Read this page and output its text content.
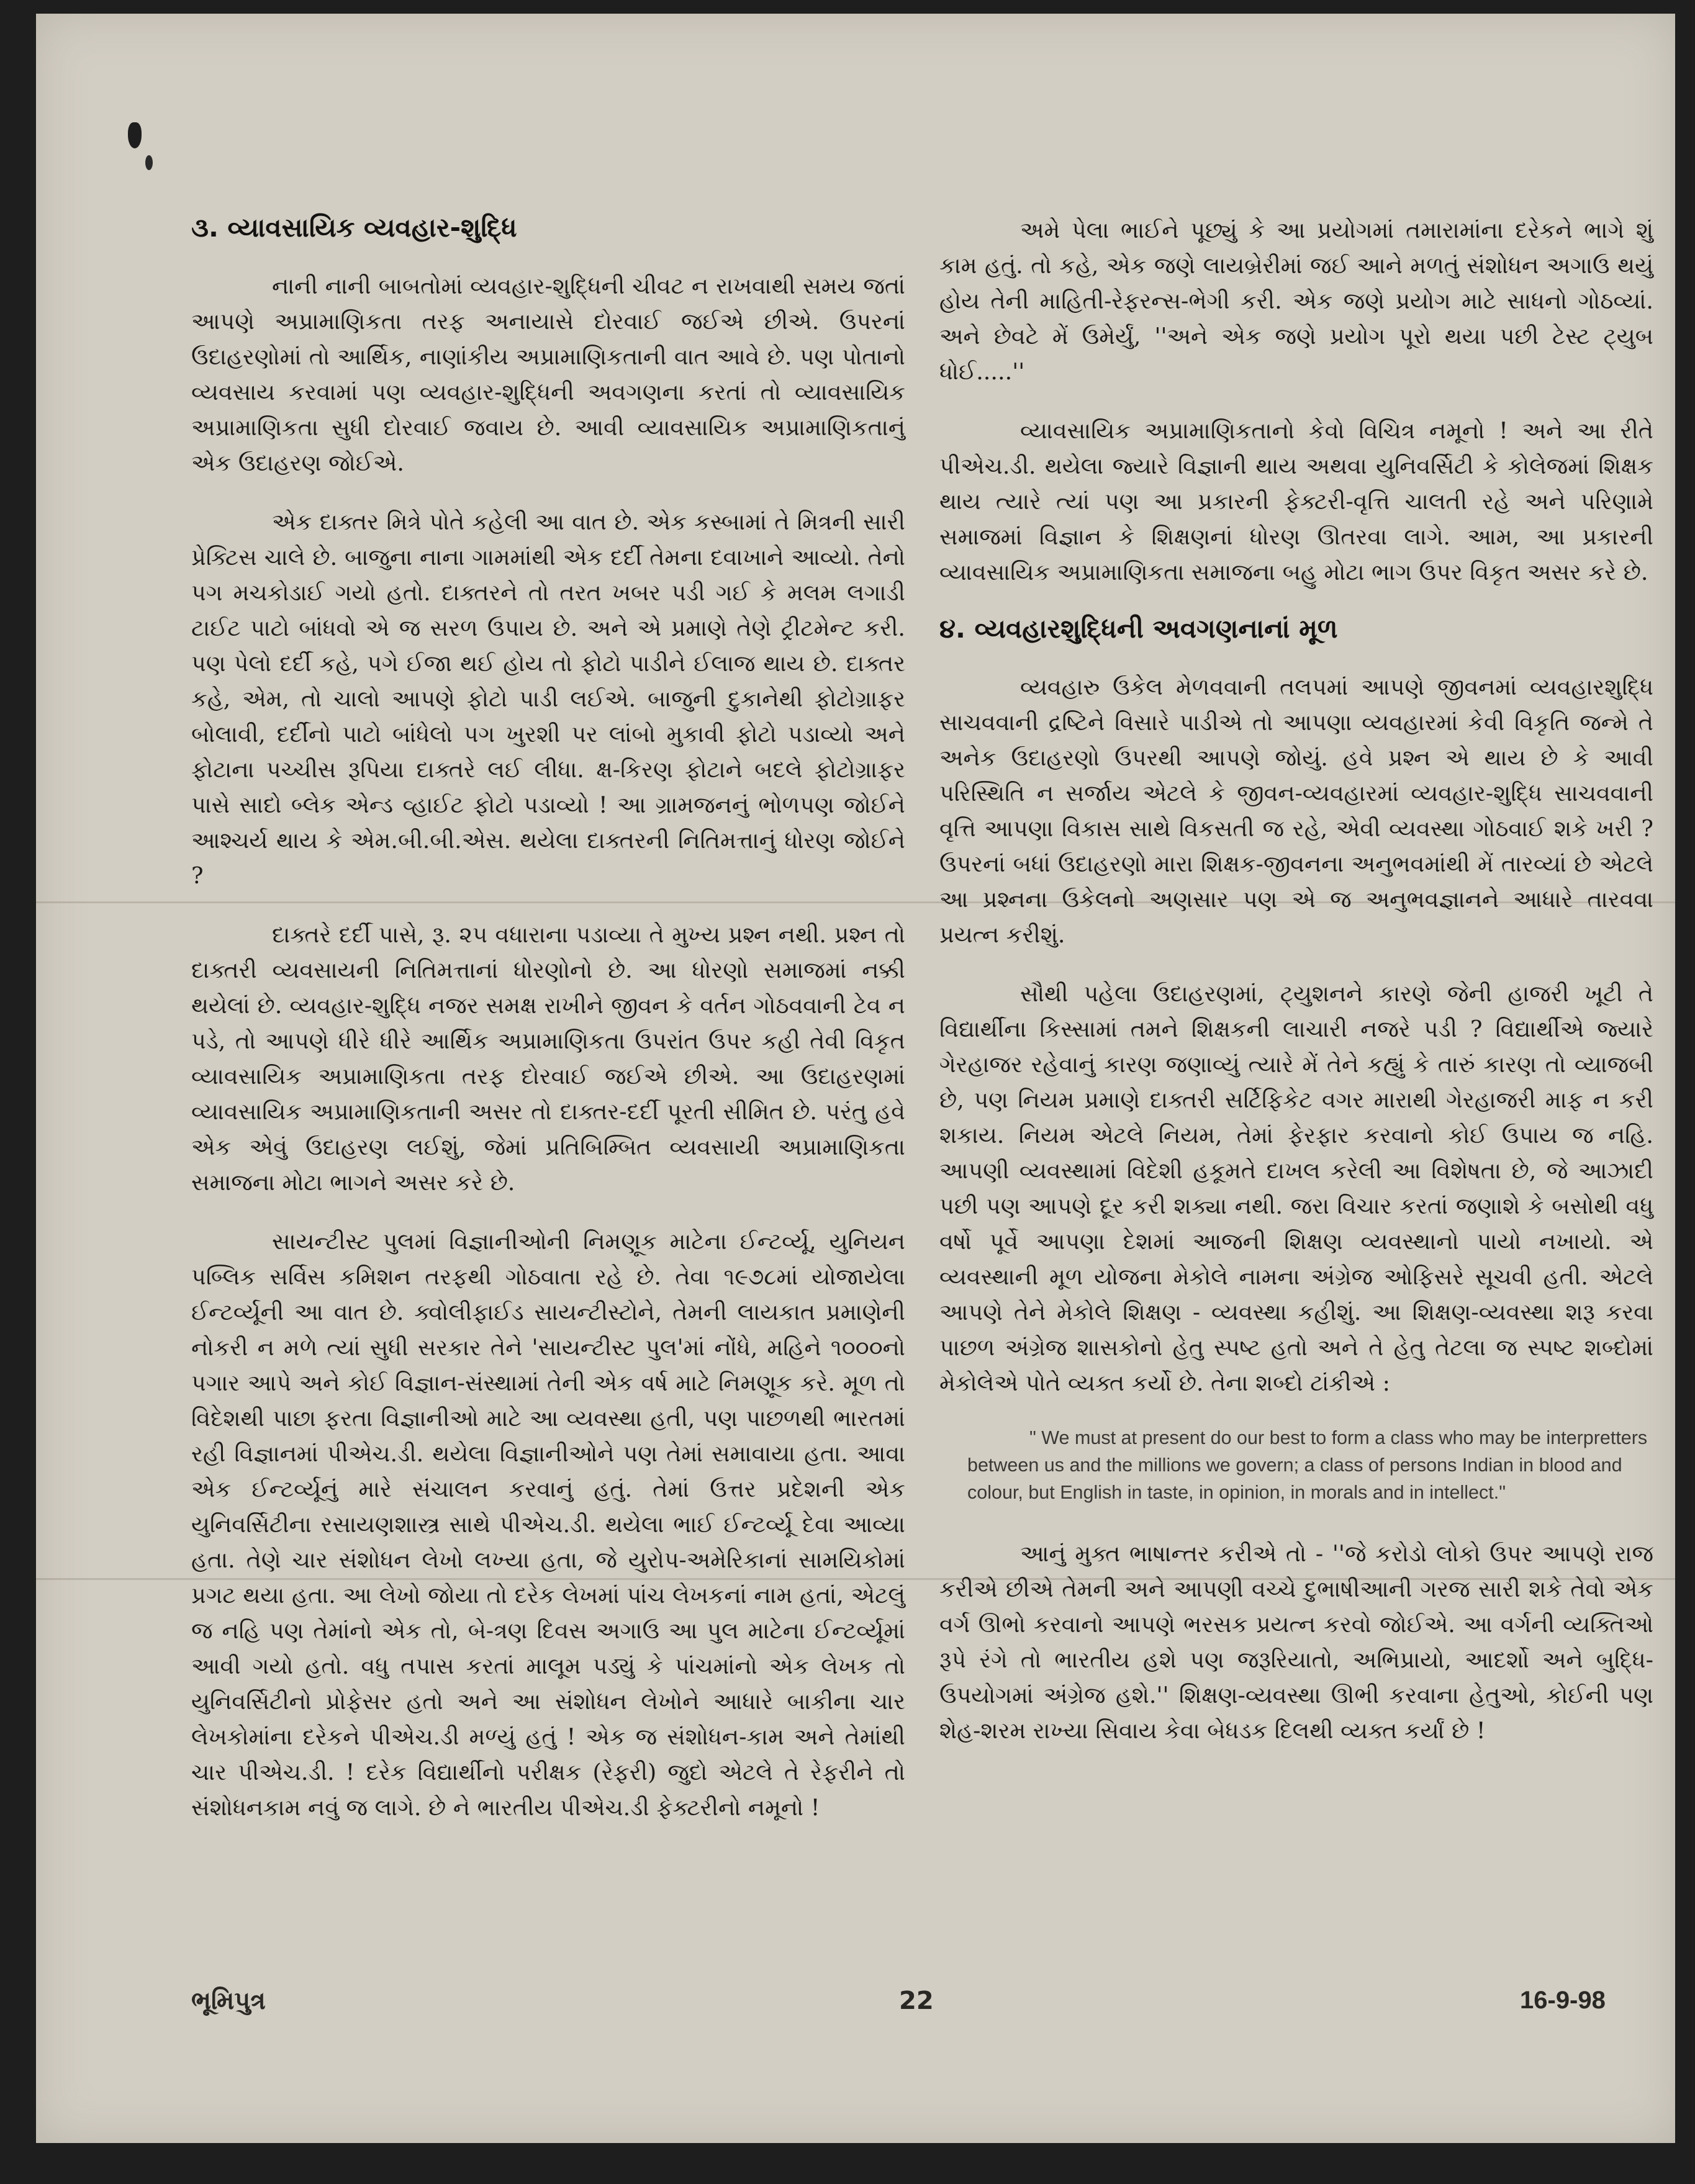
૩. વ્યાવસાયિક વ્યવહાર-શુદ્ધિ

નાની નાની બાબતોમાં વ્યવહાર-શુદ્ધિની ચીવટ ન રાખવાથી સમય જતાં આપણે અપ્રામાણિકતા તરફ અનાયાસે દોરવાઈ જઈએ છીએ. ઉપરનાં ઉદાહરણોમાં તો આર્થિક, નાણાંકીય અપ્રામાણિકતાની વાત આવે છે. પણ પોતાનો વ્યવસાય કરવામાં પણ વ્યવહાર-શુદ્ધિની અવગણના કરતાં તો વ્યાવસાયિક અપ્રામાણિકતા સુધી દોરવાઈ જવાય છે. આવી વ્યાવસાયિક અપ્રામાણિકતાનું એક ઉદાહરણ જોઈએ.

એક દાક્તર મિત્રે પોતે કહેલી આ વાત છે. એક કસ્બામાં તે મિત્રની સારી પ્રેક્ટિસ ચાલે છે. બાજુના નાના ગામમાંથી એક દર્દી તેમના દવાખાને આવ્યો. તેનો પગ મચકોડાઈ ગયો હતો. દાક્તરને તો તરત ખબર પડી ગઈ કે મલમ લગાડી ટાઈટ પાટો બાંધવો એ જ સરળ ઉપાય છે. અને એ પ્રમાણે તેણે ટ્રીટમેન્ટ કરી. પણ પેલો દર્દી કહે, પગે ઈજા થઈ હોય તો ફોટો પાડીને ઈલાજ થાય છે. દાક્તર કહે, એમ, તો ચાલો આપણે ફોટો પાડી લઈએ. બાજુની દુકાનેથી ફોટોગ્રાફર બોલાવી, દર્દીનો પાટો બાંધેલો પગ ખુરશી પર લાંબો મુકાવી ફોટો પડાવ્યો અને ફોટાના પચ્ચીસ રૂપિયા દાક્તરે લઈ લીધા. ક્ષ-કિરણ ફોટાને બદલે ફોટોગ્રાફર પાસે સાદો બ્લેક એન્ડ વ્હાઈટ ફોટો પડાવ્યો ! આ ગ્રામજનનું ભોળપણ જોઈને આશ્ચર્ય થાય કે એમ.બી.બી.એસ. થયેલા દાક્તરની નિતિમત્તાનું ધોરણ જોઈને ?

દાક્તરે દર્દી પાસે, રૂ. ૨૫ વધારાના પડાવ્યા તે મુખ્ય પ્રશ્ન નથી. પ્રશ્ન તો દાક્તરી વ્યવસાયની નિતિમત્તાનાં ધોરણોનો છે. આ ધોરણો સમાજમાં નક્કી થયેલાં છે. વ્યવહાર-શુદ્ધિ નજર સમક્ષ રાખીને જીવન કે વર્તન ગોઠવવાની ટેવ ન પડે, તો આપણે ધીરે ધીરે આર્થિક અપ્રામાણિકતા ઉપરાંત ઉપર કહી તેવી વિકૃત વ્યાવસાયિક અપ્રામાણિકતા તરફ દોરવાઈ જઈએ છીએ. આ ઉદાહરણમાં વ્યાવસાયિક અપ્રામાણિકતાની અસર તો દાક્તર-દર્દી પૂરતી સીમિત છે. પરંતુ હવે એક એવું ઉદાહરણ લઈશું, જેમાં પ્રતિબિમ્બિત વ્યવસાયી અપ્રામાણિકતા સમાજના મોટા ભાગને અસર કરે છે.

સાયન્ટીસ્ટ પુલમાં વિજ્ઞાનીઓની નિમણૂક માટેના ઈન્ટર્વ્યૂ, યુનિયન પબ્લિક સર્વિસ કમિશન તરફથી ગોઠવાતા રહે છે. તેવા ૧૯૭૮માં યોજાયેલા ઈન્ટર્વ્યૂની આ વાત છે. ક્વોલીફાઈડ સાયન્ટીસ્ટોને, તેમની લાયકાત પ્રમાણેની નોકરી ન મળે ત્યાં સુધી સરકાર તેને 'સાયન્ટીસ્ટ પુલ'માં નોંધે, મહિને ૧૦૦૦નો પગાર આપે અને કોઈ વિજ્ઞાન-સંસ્થામાં તેની એક વર્ષ માટે નિમણૂક કરે. મૂળ તો વિદેશથી પાછા ફરતા વિજ્ઞાનીઓ માટે આ વ્યવસ્થા હતી, પણ પાછળથી ભારતમાં રહી વિજ્ઞાનમાં પીએચ.ડી. થયેલા વિજ્ઞાનીઓને પણ તેમાં સમાવાયા હતા. આવા એક ઈન્ટર્વ્યૂનું મારે સંચાલન કરવાનું હતું. તેમાં ઉત્તર પ્રદેશની એક યુનિવર્સિટીના રસાયણશાસ્ત્ર સાથે પીએચ.ડી. થયેલા ભાઈ ઈન્ટર્વ્યૂ દેવા આવ્યા હતા. તેણે ચાર સંશોધન લેખો લખ્યા હતા, જે યુરોપ-અમેરિકાનાં સામયિકોમાં પ્રગટ થયા હતા. આ લેખો જોયા તો દરેક લેખમાં પાંચ લેખકનાં નામ હતાં, એટલું જ નહિ પણ તેમાંનો એક તો, બે-ત્રણ દિવસ અગાઉ આ પુલ માટેના ઈન્ટર્વ્યૂમાં આવી ગયો હતો. વધુ તપાસ કરતાં માલૂમ પડ્યું કે પાંચમાંનો એક લેખક તો યુનિવર્સિટીનો પ્રોફેસર હતો અને આ સંશોધન લેખોને આધારે બાકીના ચાર લેખકોમાંના દરેકને પીએચ.ડી મળ્યું હતું ! એક જ સંશોધન-કામ અને તેમાંથી ચાર પીએચ.ડી. ! દરેક વિદ્યાર્થીનો પરીક્ષક (રેફરી) જુદો એટલે તે રેફરીને તો સંશોધનકામ નવું જ લાગે. છે ને ભારતીય પીએચ.ડી ફેક્ટરીનો નમૂનો !

અમે પેલા ભાઈને પૂછ્યું કે આ પ્રયોગમાં તમારામાંના દરેકને ભાગે શું કામ હતું. તો કહે, એક જણે લાયબ્રેરીમાં જઈ આને મળતું સંશોધન અગાઉ થયું હોય તેની માહિતી-રેફરન્સ-ભેગી કરી. એક જણે પ્રયોગ માટે સાધનો ગોઠવ્યાં. અને છેવટે મેં ઉમેર્યું, ''અને એક જણે પ્રયોગ પૂરો થયા પછી ટેસ્ટ ટ્યુબ ધોઈ.....''

વ્યાવસાયિક અપ્રામાણિકતાનો કેવો વિચિત્ર નમૂનો ! અને આ રીતે પીએચ.ડી. થયેલા જ્યારે વિજ્ઞાની થાય અથવા યુનિવર્સિટી કે કોલેજમાં શિક્ષક થાય ત્યારે ત્યાં પણ આ પ્રકારની ફેક્ટરી-વૃત્તિ ચાલતી રહે અને પરિણામે સમાજમાં વિજ્ઞાન કે શિક્ષણનાં ધોરણ ઊતરવા લાગે. આમ, આ પ્રકારની વ્યાવસાયિક અપ્રામાણિકતા સમાજના બહુ મોટા ભાગ ઉપર વિકૃત અસર કરે છે.

૪. વ્યવહારશુદ્ધિની અવગણનાનાં મૂળ

વ્યવહારુ ઉકેલ મેળવવાની તલપમાં આપણે જીવનમાં વ્યવહારશુદ્ધિ સાચવવાની દ્રષ્ટિને વિસારે પાડીએ તો આપણા વ્યવહારમાં કેવી વિકૃતિ જન્મે તે અનેક ઉદાહરણો ઉપરથી આપણે જોયું. હવે પ્રશ્ન એ થાય છે કે આવી પરિસ્થિતિ ન સર્જાય એટલે કે જીવન-વ્યવહારમાં વ્યવહાર-શુદ્ધિ સાચવવાની વૃત્તિ આપણા વિકાસ સાથે વિકસતી જ રહે, એવી વ્યવસ્થા ગોઠવાઈ શકે ખરી ? ઉપરનાં બધાં ઉદાહરણો મારા શિક્ષક-જીવનના અનુભવમાંથી મેં તારવ્યાં છે એટલે આ પ્રશ્નના ઉકેલનો અણસાર પણ એ જ અનુભવજ્ઞાનને આધારે તારવવા પ્રયત્ન કરીશું.

સૌથી પહેલા ઉદાહરણમાં, ટ્યુશનને કારણે જેની હાજરી ખૂટી તે વિદ્યાર્થીના કિસ્સામાં તમને શિક્ષકની લાચારી નજરે પડી ? વિદ્યાર્થીએ જ્યારે ગેરહાજર રહેવાનું કારણ જણાવ્યું ત્યારે મેં તેને કહ્યું કે તારું કારણ તો વ્યાજબી છે, પણ નિયમ પ્રમાણે દાક્તરી સર્ટિફિકેટ વગર મારાથી ગેરહાજરી માફ ન કરી શકાય. નિયમ એટલે નિયમ, તેમાં ફેરફાર કરવાનો કોઈ ઉપાય જ નહિ. આપણી વ્યવસ્થામાં વિદેશી હકૂમતે દાખલ કરેલી આ વિશેષતા છે, જે આઝાદી પછી પણ આપણે દૂર કરી શક્યા નથી. જરા વિચાર કરતાં જણાશે કે બસોથી વધુ વર્ષો પૂર્વે આપણા દેશમાં આજની શિક્ષણ વ્યવસ્થાનો પાયો નખાયો. એ વ્યવસ્થાની મૂળ યોજના મેકોલે નામના અંગ્રેજ ઓફિસરે સૂચવી હતી. એટલે આપણે તેને મેકોલે શિક્ષણ - વ્યવસ્થા કહીશું. આ શિક્ષણ-વ્યવસ્થા શરૂ કરવા પાછળ અંગ્રેજ શાસકોનો હેતુ સ્પષ્ટ હતો અને તે હેતુ તેટલા જ સ્પષ્ટ શબ્દોમાં મેકોલેએ પોતે વ્યક્ત કર્યો છે. તેના શબ્દો ટાંકીએ :

" We must at present do our best to form a class who may be interpretters between us and the millions we govern; a class of persons Indian in blood and colour, but English in taste, in opinion, in morals and in intellect."

આનું મુક્ત ભાષાન્તર કરીએ તો - ''જે કરોડો લોકો ઉપર આપણે રાજ કરીએ છીએ તેમની અને આપણી વચ્ચે દુભાષીઆની ગરજ સારી શકે તેવો એક વર્ગ ઊભો કરવાનો આપણે ભરસક પ્રયત્ન કરવો જોઈએ. આ વર્ગની વ્યક્તિઓ રૂપે રંગે તો ભારતીય હશે પણ જરૂરિયાતો, અભિપ્રાયો, આદર્શો અને બુદ્ધિ-ઉપયોગમાં અંગ્રેજ હશે.'' શિક્ષણ-વ્યવસ્થા ઊભી કરવાના હેતુઓ, કોઈની પણ શેહ-શરમ રાખ્યા સિવાય કેવા બેધડક દિલથી વ્યક્ત કર્યાં છે !

ભૂમિપુત્ર	22	16-9-98
